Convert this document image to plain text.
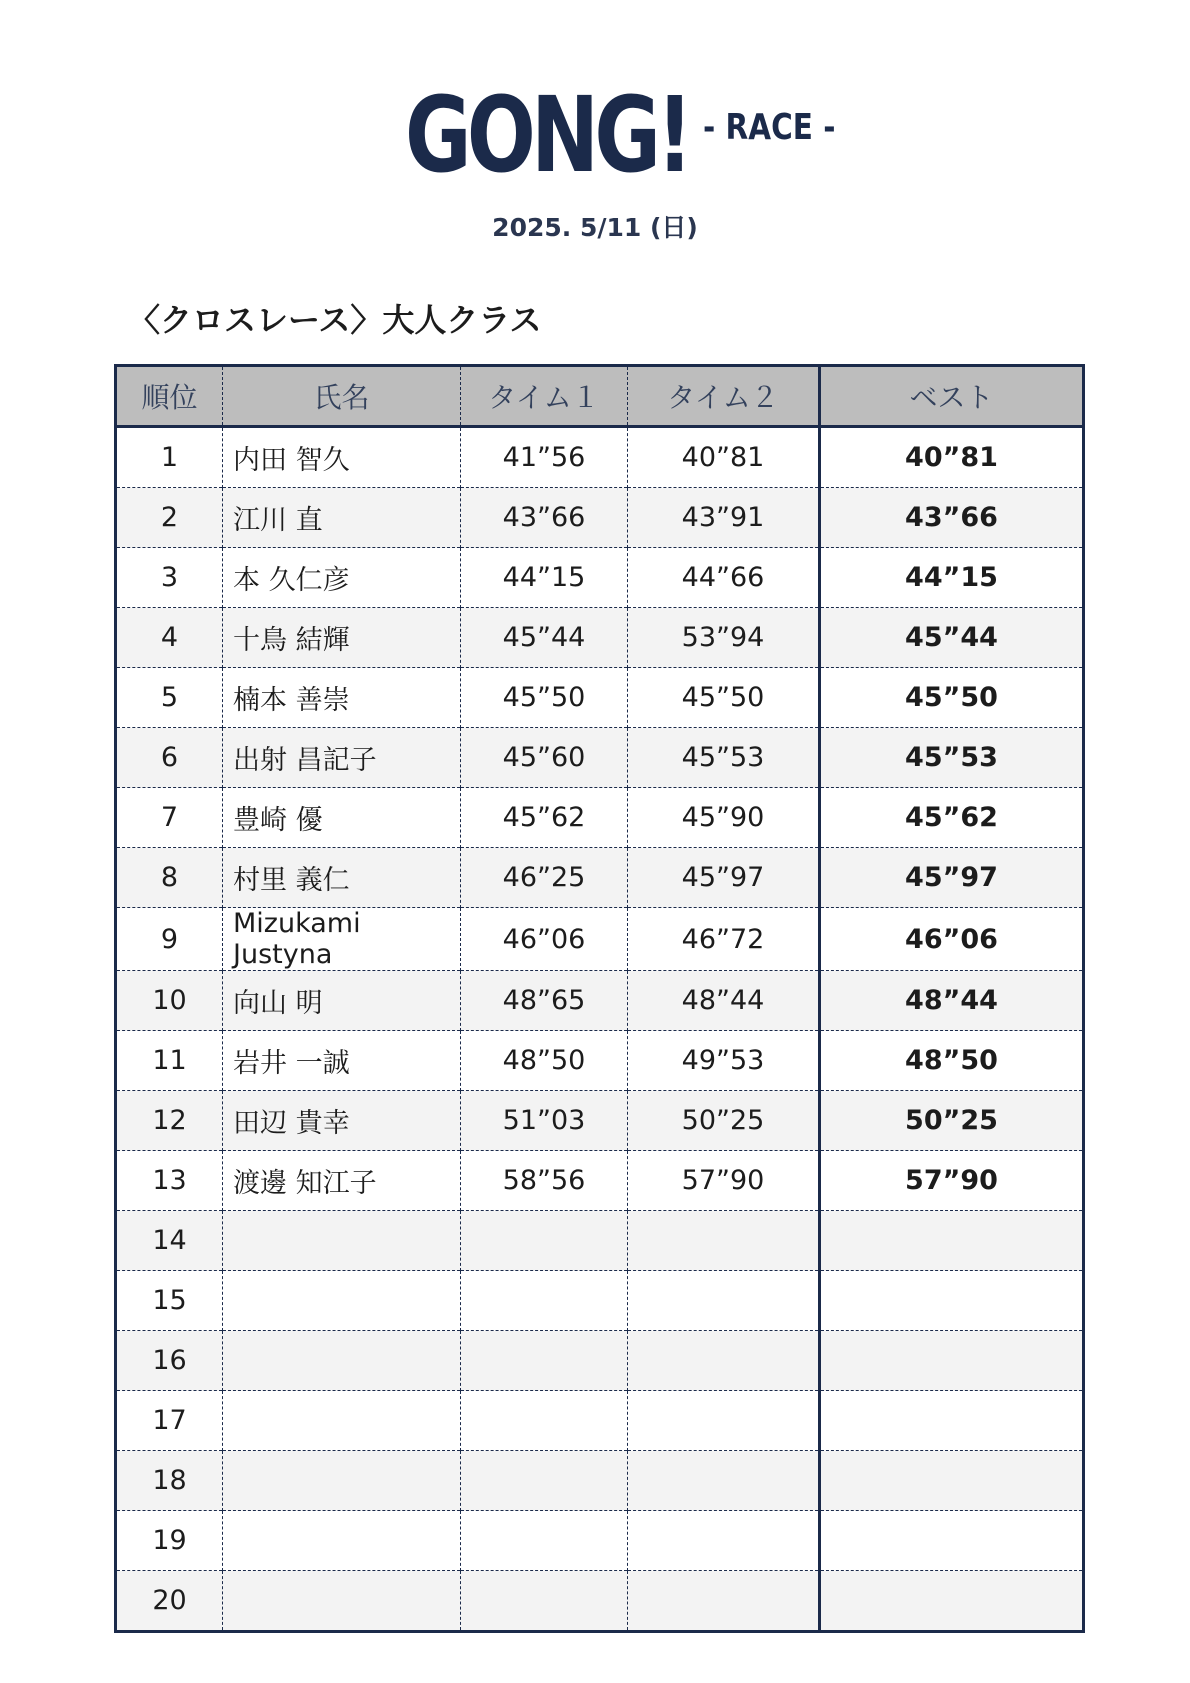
GONG! - RACE -
2025. 5/11 (日)
〈クロスレース〉大人クラス
順位	氏名	タイム１	タイム２	ベスト
1	内田 智久	41”56	40”81	40”81
2	江川 直	43”66	43”91	43”66
3	本 久仁彦	44”15	44”66	44”15
4	十鳥 結輝	45”44	53”94	45”44
5	楠本 善崇	45”50	45”50	45”50
6	出射 昌記子	45”60	45”53	45”53
7	豊崎 優	45”62	45”90	45”62
8	村里 義仁	46”25	45”97	45”97
9	Mizukami Justyna	46”06	46”72	46”06
10	向山 明	48”65	48”44	48”44
11	岩井 一誠	48”50	49”53	48”50
12	田辺 貴幸	51”03	50”25	50”25
13	渡邊 知江子	58”56	57”90	57”90
14				
15				
16				
17				
18				
19				
20				
